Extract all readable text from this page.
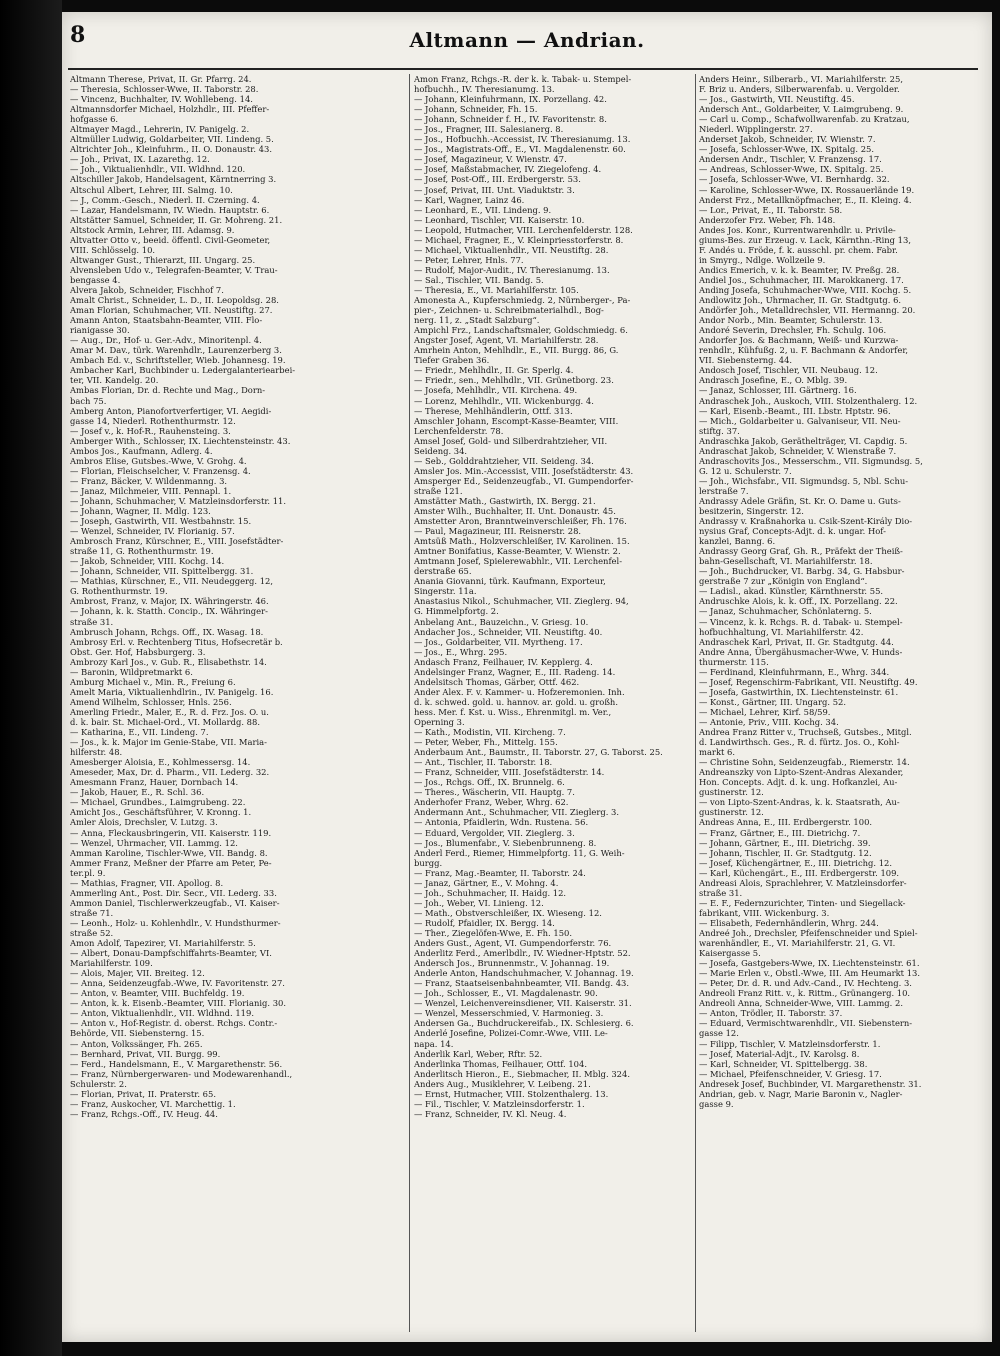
8	Altmann — Andrian.
Altmann Therese, Privat, II. Gr. Pfarrg. 24.
— Theresia, Schlosser-Wwe, II. Taborstr. 28.
— Vincenz, Buchhalter, IV. Wohllebeng. 14.
Altmannsdorfer Michael, Holzhdlr., III. Pfeffer-
hofgasse 6.
Altmayer Magd., Lehrerin, IV. Panigelg. 2.
Altmüller Ludwig, Goldarbeiter, VII. Lindeng. 5.
Altrichter Joh., Kleinfuhrm., II. O. Donaustr. 43.
— Joh., Privat, IX. Lazarethg. 12.
— Joh., Viktualienhdlr., VII. Wldhnd. 120.
Altschiller Jakob, Handelsagent, Kärntnerring 3.
Altschul Albert, Lehrer, III. Salmg. 10.
— J., Comm.-Gesch., Niederl. II. Czerning. 4.
— Lazar, Handelsmann, IV. Wiedn. Hauptstr. 6.
Altstätter Samuel, Schneider, II. Gr. Mohreng. 21.
Altstock Armin, Lehrer, III. Adamsg. 9.
Altvatter Otto v., beeid. öffentl. Civil-Geometer,
VIII. Schlösselg. 10.
Altwanger Gust., Thierarzt, III. Ungarg. 25.
Alvensleben Udo v., Telegrafen-Beamter, V. Trau-
bengasse 4.
Alvera Jakob, Schneider, Fischhof 7.
Amalt Christ., Schneider, L. D., II. Leopoldsg. 28.
Aman Florian, Schuhmacher, VII. Neustiftg. 27.
Amann Anton, Staatsbahn-Beamter, VIII. Flo-
rianigasse 30.
— Aug., Dr., Hof- u. Ger.-Adv., Minoritenpl. 4.
Amar M. Dav., türk. Warenhdlr., Laurenzerberg 3.
Ambach Ed. v., Schriftsteller, Wieb. Johannesg. 19.
Ambacher Karl, Buchbinder u. Ledergalanteriearbei-
ter, VII. Kandelg. 20.
Ambas Florian, Dr. d. Rechte und Mag., Dorn-
bach 75.
Amberg Anton, Pianofortverfertiger, VI. Aegidi-
gasse 14, Niederl. Rothenthurmstr. 12.
— Josef v., k. Hof-R., Rauhensteing. 3.
Amberger With., Schlosser, IX. Liechtensteinstr. 43.
Ambos Jos., Kaufmann, Adlerg. 4.
Ambros Elise, Gutsbes.-Wwe, V. Grohg. 4.
— Florian, Fleischselcher, V. Franzensg. 4.
— Franz, Bäcker, V. Wildenmanng. 3.
— Janaz, Milchmeier, VIII. Pennapl. 1.
— Johann, Schuhmacher, V. Matzleinsdorferstr. 11.
— Johann, Wagner, II. Mdlg. 123.
— Joseph, Gastwirth, VII. Westbahnstr. 15.
— Wenzel, Schneider, IV. Florianig. 57.
Ambrosch Franz, Kürschner, E., VIII. Josefstädter-
straße 11, G. Rothenthurmstr. 19.
— Jakob, Schneider, VIII. Kochg. 14.
— Johann, Schneider, VII. Spittelbergg. 31.
— Mathias, Kürschner, E., VII. Neudeggerg. 12,
G. Rothenthurmstr. 19.
Ambrost, Franz, v. Major, IX. Währingerstr. 46.
— Johann, k. k. Statth. Concip., IX. Währinger-
straße 31.
Ambrusch Johann, Rchgs. Off., IX. Wasag. 18.
Ambrosy Erl. v. Rechtenberg Titus, Hofsecretär b.
Obst. Ger. Hof, Habsburgerg. 3.
Ambrozy Karl Jos., v. Gub. R., Elisabethstr. 14.
— Baronin, Wildpretmarkt 6.
Amburg Michael v., Min. R., Freiung 6.
Amelt Maria, Viktualienhdlrin., IV. Panigelg. 16.
Amend Wilhelm, Schlosser, Hnls. 256.
Amerling Friedr., Maler, E., R. d. Frz. Jos. O. u.
d. k. bair. St. Michael-Ord., VI. Mollardg. 88.
— Katharina, E., VII. Lindeng. 7.
— Jos., k. k. Major im Genie-Stabe, VII. Maria-
hilferstr. 48.
Amesberger Aloisia, E., Kohlmessersg. 14.
Ameseder, Max, Dr. d. Pharm., VII. Lederg. 32.
Amesmann Franz, Hauer, Dornbach 14.
— Jakob, Hauer, E., R. Schl. 36.
— Michael, Grundbes., Laimgrubeng. 22.
Amicht Jos., Geschäftsführer, V. Kronng. 1.
Amler Alois, Drechsler, V. Lutzg. 3.
— Anna, Fleckausbringerin, VII. Kaiserstr. 119.
— Wenzel, Uhrmacher, VII. Lammg. 12.
Amman Karoline, Tischler-Wwe, VII. Bandg. 8.
Ammer Franz, Meßner der Pfarre am Peter, Pe-
ter.pl. 9.
— Mathias, Fragner, VII. Apollog. 8.
Ammerling Ant., Post. Dir. Secr., VII. Lederg. 33.
Ammon Daniel, Tischlerwerkzeugfab., VI. Kaiser-
straße 71.
— Leonh., Holz- u. Kohlenhdlr., V. Hundsthurmer-
straße 52.
Amon Adolf, Tapezirer, VI. Mariahilferstr. 5.
— Albert, Donau-Dampfschiffahrts-Beamter, VI.
Mariahilferstr. 109.
— Alois, Majer, VII. Breiteg. 12.
— Anna, Seidenzeugfab.-Wwe, IV. Favoritenstr. 27.
— Anton, v. Beamter, VIII. Buchfeldg. 19.
— Anton, k. k. Eisenb.-Beamter, VIII. Florianig. 30.
— Anton, Viktualienhdlr., VII. Wldhnd. 119.
— Anton v., Hof-Registr. d. oberst. Rchgs. Contr.-
Behörde, VII. Siebensterng. 15.
— Anton, Volkssänger, Fh. 265.
— Bernhard, Privat, VII. Burgg. 99.
— Ferd., Handelsmann, E., V. Margarethenstr. 56.
— Franz, Nürnbergerwaren- und Modewarenhandl.,
Schulerstr. 2.
— Florian, Privat, II. Praterstr. 65.
— Franz, Auskocher, VI. Marchettig. 1.
— Franz, Rchgs.-Off., IV. Heug. 44.
Amon Franz, Rchgs.-R. der k. k. Tabak- u. Stempel-
hofbuchh., IV. Theresianumg. 13.
— Johann, Kleinfuhrmann, IX. Porzellang. 42.
— Johann, Schneider, Fh. 15.
— Johann, Schneider f. H., IV. Favoritenstr. 8.
— Jos., Fragner, III. Salesianerg. 8.
— Jos., Hofbuchh.-Accessist, IV. Theresianumg. 13.
— Jos., Magistrats-Off., E., VI. Magdalenenstr. 60.
— Josef, Magazineur, V. Wienstr. 47.
— Josef, Maßstabmacher, IV. Ziegelofeng. 4.
— Josef, Post-Off., III. Erdbergerstr. 53.
— Josef, Privat, III. Unt. Viaduktstr. 3.
— Karl, Wagner, Lainz 46.
— Leonhard, E., VII. Lindeng. 9.
— Leonhard, Tischler, VII. Kaiserstr. 10.
— Leopold, Hutmacher, VIII. Lerchenfelderstr. 128.
— Michael, Fragner, E., V. Kleinpriesstorferstr. 8.
— Michael, Viktualienhdlr., VII. Neustiftg. 28.
— Peter, Lehrer, Hnls. 77.
— Rudolf, Major-Audit., IV. Theresianumg. 13.
— Sal., Tischler, VII. Bandg. 5.
— Theresia, E., VI. Mariahilferstr. 105.
Amonesta A., Kupferschmiedg. 2, Nürnberger-, Pa-
pier-, Zeichnen- u. Schreibmaterialhdl., Bog-
nerg. 11, z. „Stadt Salzburg“.
Ampichl Frz., Landschaftsmaler, Goldschmiedg. 6.
Angster Josef, Agent, VI. Mariahilferstr. 28.
Amrhein Anton, Mehlhdlr., E., VII. Burgg. 86, G.
Tiefer Graben 36.
— Friedr., Mehlhdlr., II. Gr. Sperlg. 4.
— Friedr., sen., Mehlhdlr., VII. Grünetborg. 23.
— Josefa, Mehlhdlr., VII. Kirchena. 49.
— Lorenz, Mehlhdlr., VII. Wickenburgg. 4.
— Therese, Mehlhändlerin, Ottf. 313.
Amschler Johann, Escompt-Kasse-Beamter, VIII.
Lerchenfelderstr. 78.
Amsel Josef, Gold- und Silberdrahtzieher, VII.
Seideng. 34.
— Seb., Golddrahtzieher, VII. Seideng. 34.
Amsler Jos. Min.-Accessist, VIII. Josefstädterstr. 43.
Amsperger Ed., Seidenzeugfab., VI. Gumpendorfer-
straße 121.
Amstätter Math., Gastwirth, IX. Bergg. 21.
Amster Wilh., Buchhalter, II. Unt. Donaustr. 45.
Amstetter Aron, Branntweinverschleißer, Fh. 176.
— Paul, Magazineur, III. Reisnerstr. 28.
Amtsüß Math., Holzverschleißer, IV. Karolinen. 15.
Amtner Bonifatius, Kasse-Beamter, V. Wienstr. 2.
Amtmann Josef, Spielerewabhlr., VII. Lerchenfel-
derstraße 65.
Anania Giovanni, türk. Kaufmann, Exporteur,
Singerstr. 11a.
Anastasius Nikol., Schuhmacher, VII. Zieglerg. 94,
G. Himmelpfortg. 2.
Anbelang Ant., Bauzeichn., V. Griesg. 10.
Andacher Jos., Schneider, VII. Neustiftg. 40.
— Jos., Goldarbeiter, VII. Myrtheng. 17.
— Jos., E., Whrg. 295.
Andasch Franz, Feilhauer, IV. Kepplerg. 4.
Andelsinger Franz, Wagner, E., III. Radeng. 14.
Andelsitsch Thomas, Gärber, Ottf. 462.
Ander Alex. F. v. Kammer- u. Hofzeremonien. Inh.
d. k. schwed. gold. u. hannov. ar. gold. u. großh.
hess. Mer. f. Kst. u. Wiss., Ehrenmitgl. m. Ver.,
Operning 3.
— Kath., Modistin, VII. Kircheng. 7.
— Peter, Weber, Fh., Mittelg. 155.
Anderbaum Ant., Baumstr., II. Taborstr. 27, G. Taborst. 25.
— Ant., Tischler, II. Taborstr. 18.
— Franz, Schneider, VIII. Josefstädterstr. 14.
— Jos., Rchgs. Off., IX. Brunnelg. 6.
— Theres., Wäscherin, VII. Hauptg. 7.
Anderhofer Franz, Weber, Whrg. 62.
Andermann Ant., Schuhmacher, VII. Zieglerg. 3.
— Antonia, Pfaidlerin, Wdn. Rustena. 56.
— Eduard, Vergolder, VII. Zieglerg. 3.
— Jos., Blumenfabr., V. Siebenbrunneng. 8.
Anderl Ferd., Riemer, Himmelpfortg. 11, G. Weih-
burgg.
— Franz, Mag.-Beamter, II. Taborstr. 24.
— Janaz, Gärtner, E., V. Mohng. 4.
— Joh., Schuhmacher, II. Haidg. 12.
— Joh., Weber, VI. Linieng. 12.
— Math., Obstverschleißer, IX. Wieseng. 12.
— Rudolf, Pfaidler, IX. Bergg. 14.
— Ther., Ziegelöfen-Wwe, E. Fh. 150.
Anders Gust., Agent, VI. Gumpendorferstr. 76.
Anderlitz Ferd., Amerlbdlr., IV. Wiedner-Hptstr. 52.
Andersch Jos., Brunnenmstr., V. Johannag. 19.
Anderle Anton, Handschuhmacher, V. Johannag. 19.
— Franz, Staatseisenbahnbeamter, VII. Bandg. 43.
— Joh., Schlosser, E., VI. Magdalenastr. 90.
— Wenzel, Leichenvereinsdiener, VII. Kaiserstr. 31.
— Wenzel, Messerschmied, V. Harmonieg. 3.
Andersen Ga., Buchdruckereifab., IX. Schlesierg. 6.
Anderlé Josefine, Polizei-Comr.-Wwe, VIII. Le-
napa. 14.
Anderlik Karl, Weber, Rftr. 52.
Anderlinka Thomas, Feilhauer, Ottf. 104.
Anderlitsch Hieron., E., Siebmacher, II. Mblg. 324.
Anders Aug., Musiklehrer, V. Leibeng. 21.
— Ernst, Hutmacher, VIII. Stolzenthalerg. 13.
— Fil., Tischler, V. Matzleinsdorferstr. 1.
— Franz, Schneider, IV. Kl. Neug. 4.
Anders Heinr., Silberarb., VI. Mariahilferstr. 25,
F. Briz u. Anders, Silberwarenfab. u. Vergolder.
— Jos., Gastwirth, VII. Neustiftg. 45.
Andersch Ant., Goldarbeiter, V. Laimgrubeng. 9.
— Carl u. Comp., Schafwollwarenfab. zu Kratzau,
Niederl. Wipplingerstr. 27.
Anderset Jakob, Schneider, IV. Wienstr. 7.
— Josefa, Schlosser-Wwe, IX. Spitalg. 25.
Andersen Andr., Tischler, V. Franzensg. 17.
— Andreas, Schlosser-Wwe, IX. Spitalg. 25.
— Josefa, Schlosser-Wwe, VI. Bernhardg. 32.
— Karoline, Schlosser-Wwe, IX. Rossauerlände 19.
Anderst Frz., Metallknöpfmacher, E., II. Kleing. 4.
— Lor., Privat, E., II. Taborstr. 58.
Anderzofer Frz. Weber, Fh. 148.
Andes Jos. Konr., Kurrentwarenhdlr. u. Privile-
giums-Bes. zur Erzeug. v. Lack, Kärnthn.-Ring 13,
F. Andés u. Fröde, f. k. ausschl. pr. chem. Fabr.
in Smyrg., Ndlge. Wollzeile 9.
Andics Emerich, v. k. k. Beamter, IV. Preßg. 28.
Andiel Jos., Schuhmacher, III. Marokkanerg. 17.
Anding Josefa, Schuhmacher-Wwe, VIII. Kochg. 5.
Andlowitz Joh., Uhrmacher, II. Gr. Stadtgutg. 6.
Andörfer Joh., Metalldrechsler, VII. Hermanng. 20.
Andor Norb., Min. Beamter, Schulerstr. 13.
Andoré Severin, Drechsler, Fh. Schulg. 106.
Andorfer Jos. & Bachmann, Weiß- und Kurzwa-
renhdlr., Kühfußg. 2, u. F. Bachmann & Andorfer,
VII. Siebensterng. 44.
Andosch Josef, Tischler, VII. Neubaug. 12.
Andrasch Josefine, E., O. Mblg. 39.
— Janaz, Schlosser, III. Gärtnerg. 16.
Andraschek Joh., Auskoch, VIII. Stolzenthalerg. 12.
— Karl, Eisenb.-Beamt., III. Lbstr. Hptstr. 96.
— Mich., Goldarbeiter u. Galvaniseur, VII. Neu-
stiftg. 37.
Andraschka Jakob, Geräthelträger, VI. Capdig. 5.
Andraschat Jakob, Schneider, V. Wienstraße 7.
Andraschovits Jos., Messerschm., VII. Sigmundsg. 5,
G. 12 u. Schulerstr. 7.
— Joh., Wichsfabr., VII. Sigmundsg. 5, Nbl. Schu-
lerstraße 7.
Andrassy Adele Gräfin, St. Kr. O. Dame u. Guts-
besitzerin, Singerstr. 12.
Andrassy v. Kraßnahorka u. Csik-Szent-Király Dio-
nysius Graf, Concepts-Adjt. d. k. ungar. Hof-
kanzlei, Banng. 6.
Andrassy Georg Graf, Gh. R., Präfekt der Theiß-
bahn-Gesellschaft, VI. Mariahilferstr. 18.
— Joh., Buchdrucker, VI. Barbg. 34, G. Habsbur-
gerstraße 7 zur „Königin von England“.
— Ladisl., akad. Künstler, Kärnthnerstr. 55.
Andruschke Alois, k. k. Off., IX. Porzellang. 22.
— Janaz, Schuhmacher, Schönlaterng. 5.
— Vincenz, k. k. Rchgs. R. d. Tabak- u. Stempel-
hofbuchhaltung, VI. Mariahilferstr. 42.
Andraschek Karl, Privat, II. Gr. Stadtgutg. 44.
Andre Anna, Übergähusmacher-Wwe, V. Hunds-
thurmerstr. 115.
— Ferdinand, Kleinfuhrmann, E., Whrg. 344.
— Josef, Regenschirm-Fabrikant, VII. Neustiftg. 49.
— Josefa, Gastwirthin, IX. Liechtensteinstr. 61.
— Konst., Gärtner, III. Ungarg. 52.
— Michael, Lehrer, Kirf. 58/59.
— Antonie, Priv., VIII. Kochg. 34.
Andrea Franz Ritter v., Truchseß, Gutsbes., Mitgl.
d. Landwirthsch. Ges., R. d. fürtz. Jos. O., Kohl-
markt 6.
— Christine Sohn, Seidenzeugfab., Riemerstr. 14.
Andreanszky von Lipto-Szent-Andras Alexander,
Hon. Concepts. Adjt. d. k. ung. Hofkanzlei, Au-
gustinerstr. 12.
— von Lipto-Szent-Andras, k. k. Staatsrath, Au-
gustinerstr. 12.
Andreas Anna, E., III. Erdbergerstr. 100.
— Franz, Gärtner, E., III. Dietrichg. 7.
— Johann, Gärtner, E., III. Dietrichg. 39.
— Johann, Tischler, II. Gr. Stadtgutg. 12.
— Josef, Küchengärtner, E., III. Dietrichg. 12.
— Karl, Küchengärt., E., III. Erdbergerstr. 109.
Andreasi Alois, Sprachlehrer, V. Matzleinsdorfer-
straße 31.
— E. F., Federnzurichter, Tinten- und Siegellack-
fabrikant, VIII. Wickenburg. 3.
— Elisabeth, Federnhändlerin, Whrg. 244.
Andreé Joh., Drechsler, Pfeifenschneider und Spiel-
warenhändler, E., VI. Mariahilferstr. 21, G. VI.
Kaisergasse 5.
— Josefa, Gastgebers-Wwe, IX. Liechtensteinstr. 61.
— Marie Erlen v., Obstl.-Wwe, III. Am Heumarkt 13.
— Peter, Dr. d. R. und Adv.-Cand., IV. Hechteng. 3.
Andreoli Franz Ritt. v., k. Rittm., Grünangerg. 10.
Andreoli Anna, Schneider-Wwe, VIII. Lammg. 2.
— Anton, Trödler, II. Taborstr. 37.
— Eduard, Vermischtwarenhdlr., VII. Siebenstern-
gasse 12.
— Filipp, Tischler, V. Matzleinsdorferstr. 1.
— Josef, Material-Adjt., IV. Karolsg. 8.
— Karl, Schneider, VI. Spittelbergg. 38.
— Michael, Pfeifenschneider, V. Griesg. 17.
Andresek Josef, Buchbinder, VI. Margarethenstr. 31.
Andrian, geb. v. Nagr, Marie Baronin v., Nagler-
gasse 9.
